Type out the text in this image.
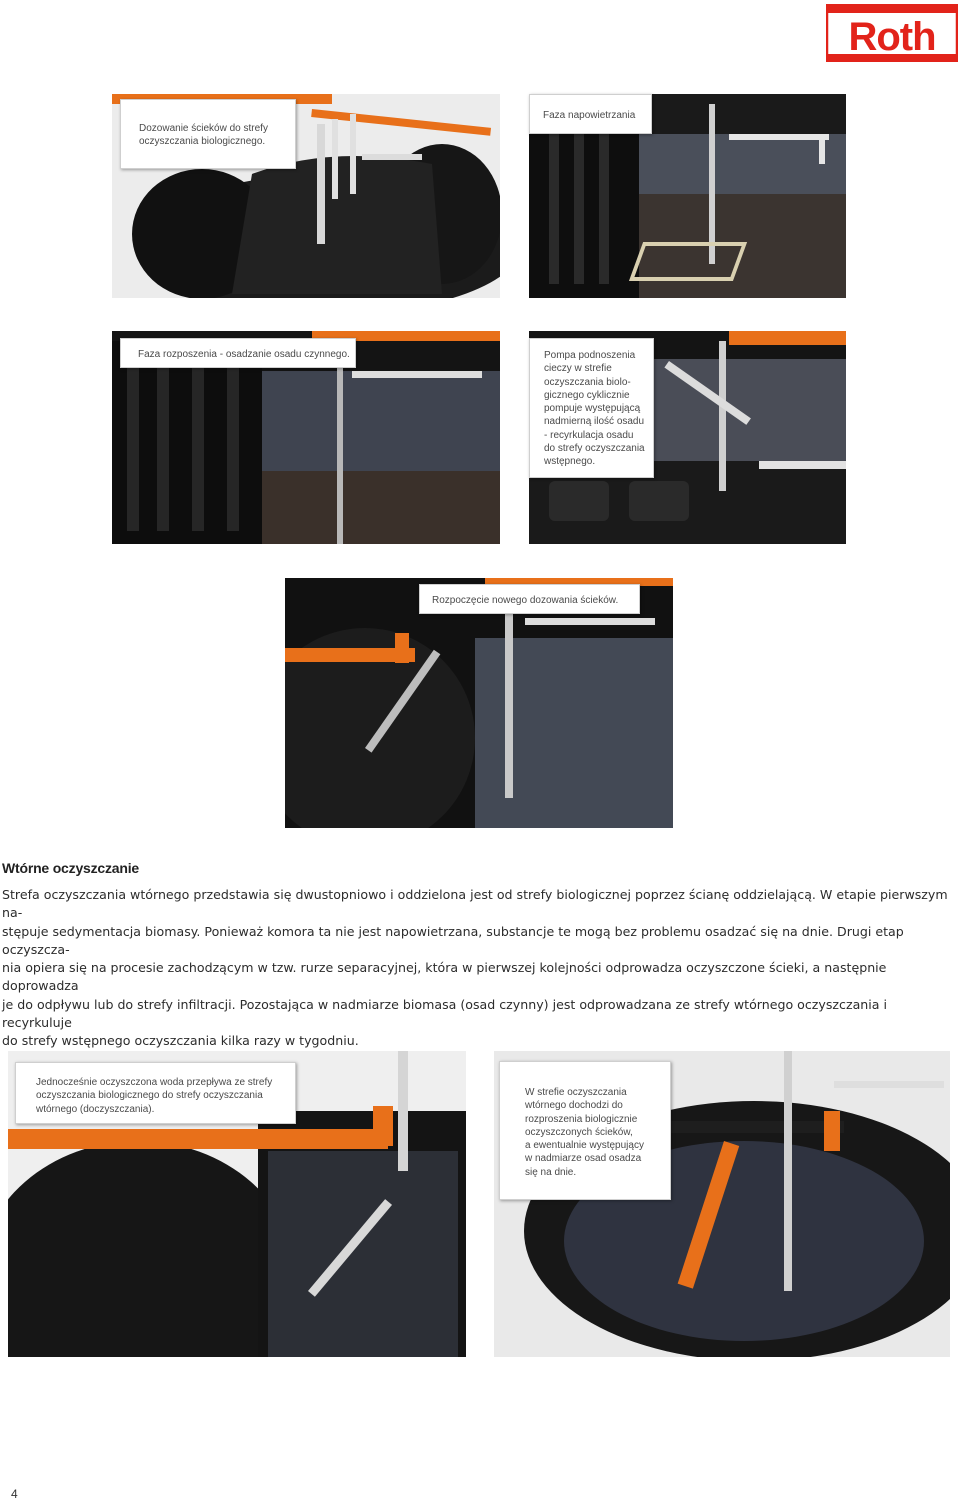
Roth
Dozowanie ścieków do strefy
oczyszczania biologicznego.
Faza napowietrzania
Faza rozposzenia - osadzanie osadu czynnego.	Pompa podnoszenia
cieczy w strefie
oczyszczania biolo-
gicznego cyklicznie
pompuje występującą
nadmierną ilość osadu
- recyrkulacja osadu
do strefy oczyszczania
wstępnego.
Rozpoczęcie nowego dozowania ścieków.
Wtórne oczyszczanie
Strefa oczyszczania wtórnego przedstawia się dwustopniowo i oddzielona jest od strefy biologicznej poprzez ścianę oddzielającą. W etapie pierwszym na-
stępuje sedymentacja biomasy. Ponieważ komora ta nie jest napowietrzana, substancje te mogą bez problemu osadzać się na dnie. Drugi etap oczyszcza-
nia opiera się na procesie zachodzącym w tzw. rurze separacyjnej, która w pierwszej kolejności odprowadza oczyszczone ścieki, a następnie doprowadza
je do odpływu lub do strefy infiltracji. Pozostająca w nadmiarze biomasa (osad czynny) jest odprowadzana ze strefy wtórnego oczyszczania i recyrkuluje
do strefy wstępnego oczyszczania kilka razy w tygodniu.
Jednocześnie oczyszczona woda przepływa ze strefy
oczyszczania biologicznego do strefy oczyszczania
wtórnego (doczyszczania).
W strefie oczyszczania
wtórnego dochodzi do
rozproszenia biologicznie
oczyszczonych ścieków,
a ewentualnie występujący
w nadmiarze osad osadza
się na dnie.
4
